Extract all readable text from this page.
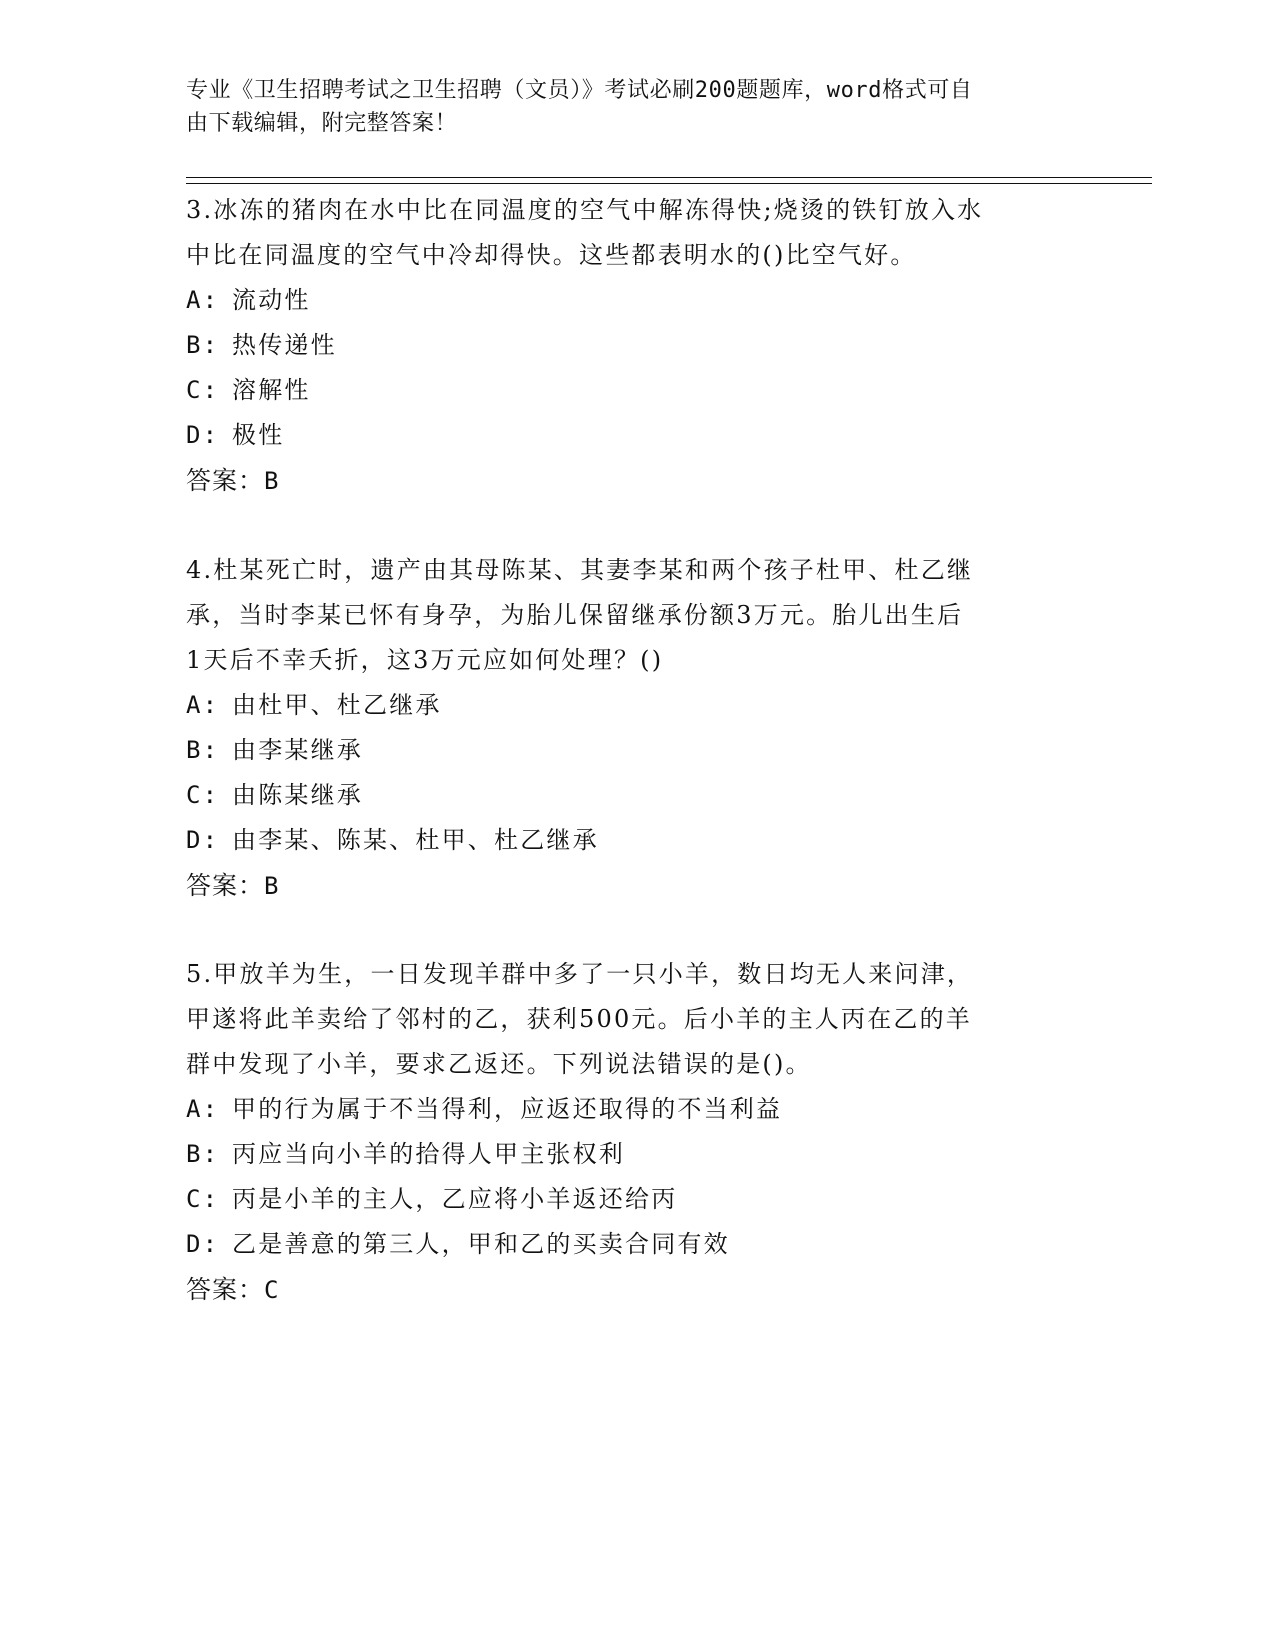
专业《卫生招聘考试之卫生招聘（文员）》考试必刷200题题库，word格式可自
由下载编辑，附完整答案！

3.冰冻的猪肉在水中比在同温度的空气中解冻得快;烧烫的铁钉放入水

中比在同温度的空气中冷却得快。这些都表明水的()比空气好。

A: 流动性
B: 热传递性
C: 溶解性
D: 极性

答案：B

4.杜某死亡时，遗产由其母陈某、其妻李某和两个孩子杜甲、杜乙继

承，当时李某已怀有身孕，为胎儿保留继承份额3万元。胎儿出生后

1天后不幸夭折，这3万元应如何处理？()

A: 由杜甲、杜乙继承
B: 由李某继承
C: 由陈某继承
D: 由李某、陈某、杜甲、杜乙继承

答案：B

5.甲放羊为生，一日发现羊群中多了一只小羊，数日均无人来问津，

甲遂将此羊卖给了邻村的乙，获利500元。后小羊的主人丙在乙的羊

群中发现了小羊，要求乙返还。下列说法错误的是()。

A: 甲的行为属于不当得利，应返还取得的不当利益
B: 丙应当向小羊的拾得人甲主张权利
C: 丙是小羊的主人，乙应将小羊返还给丙
D: 乙是善意的第三人，甲和乙的买卖合同有效

答案：C
